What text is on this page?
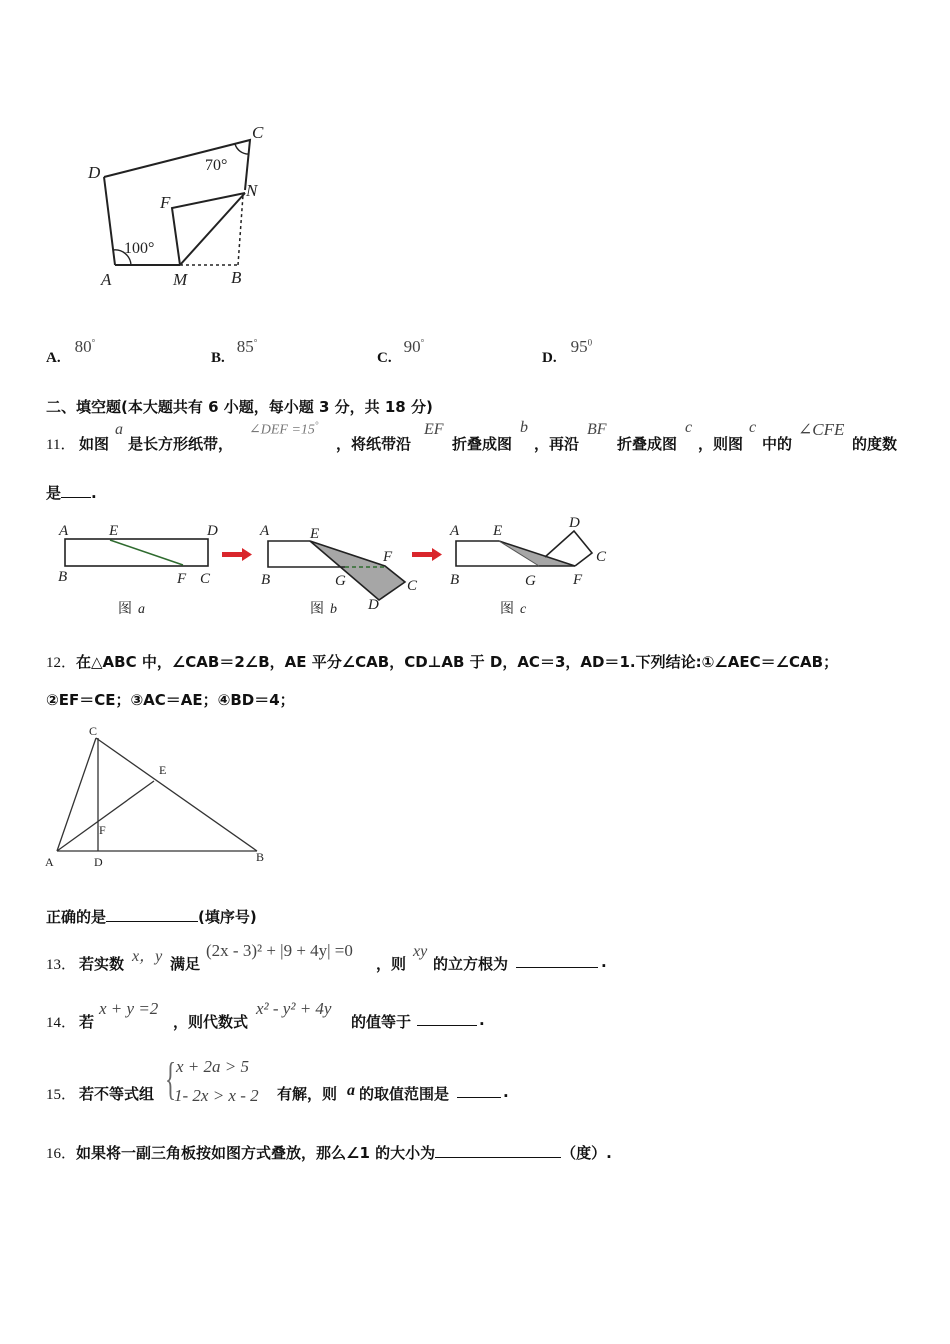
C
D
N
F
A	M	B
70°
100°
A.
80°
B.
85°
C.
90°
D.
$95^0$
二、填空题(本大题共有 6 小题，每小题 3 分，共 18 分)
11． 如图
a
是长方形纸带，
∠DEF =15°
，将纸带沿
EF
折叠成图
b
，再沿
BF
折叠成图
c
，则图
c
中的
∠CFE
的度数
是 .
A	E	D
B	F C
图 a
A	E
F
B	G	C
D
图 b
A E	D
C
B	G F
图 c
12．在△ABC 中，∠CAB＝2∠B，AE 平分∠CAB，CD⊥AB 于 D，AC＝3，AD＝1.下列结论:①∠AEC＝∠CAB；
②EF＝CE；③AC＝AE；④BD＝4；
C
E
F
A	D	B
正确的是	(填序号)
13． 若实数 x，y 满足
(2x - 3)² + |9 + 4y| =0
，则
xy
的立方根为	.
14． 若
x + y =2
，则代数式
x² - y² + 4y
的值等于	.
15． 若不等式组 { x + 2a > 5
1- 2x > x - 2 有解，则 a 的取值范围是	.
16．如果将一副三角板按如图方式叠放，那么∠1 的大小为	（度）.
